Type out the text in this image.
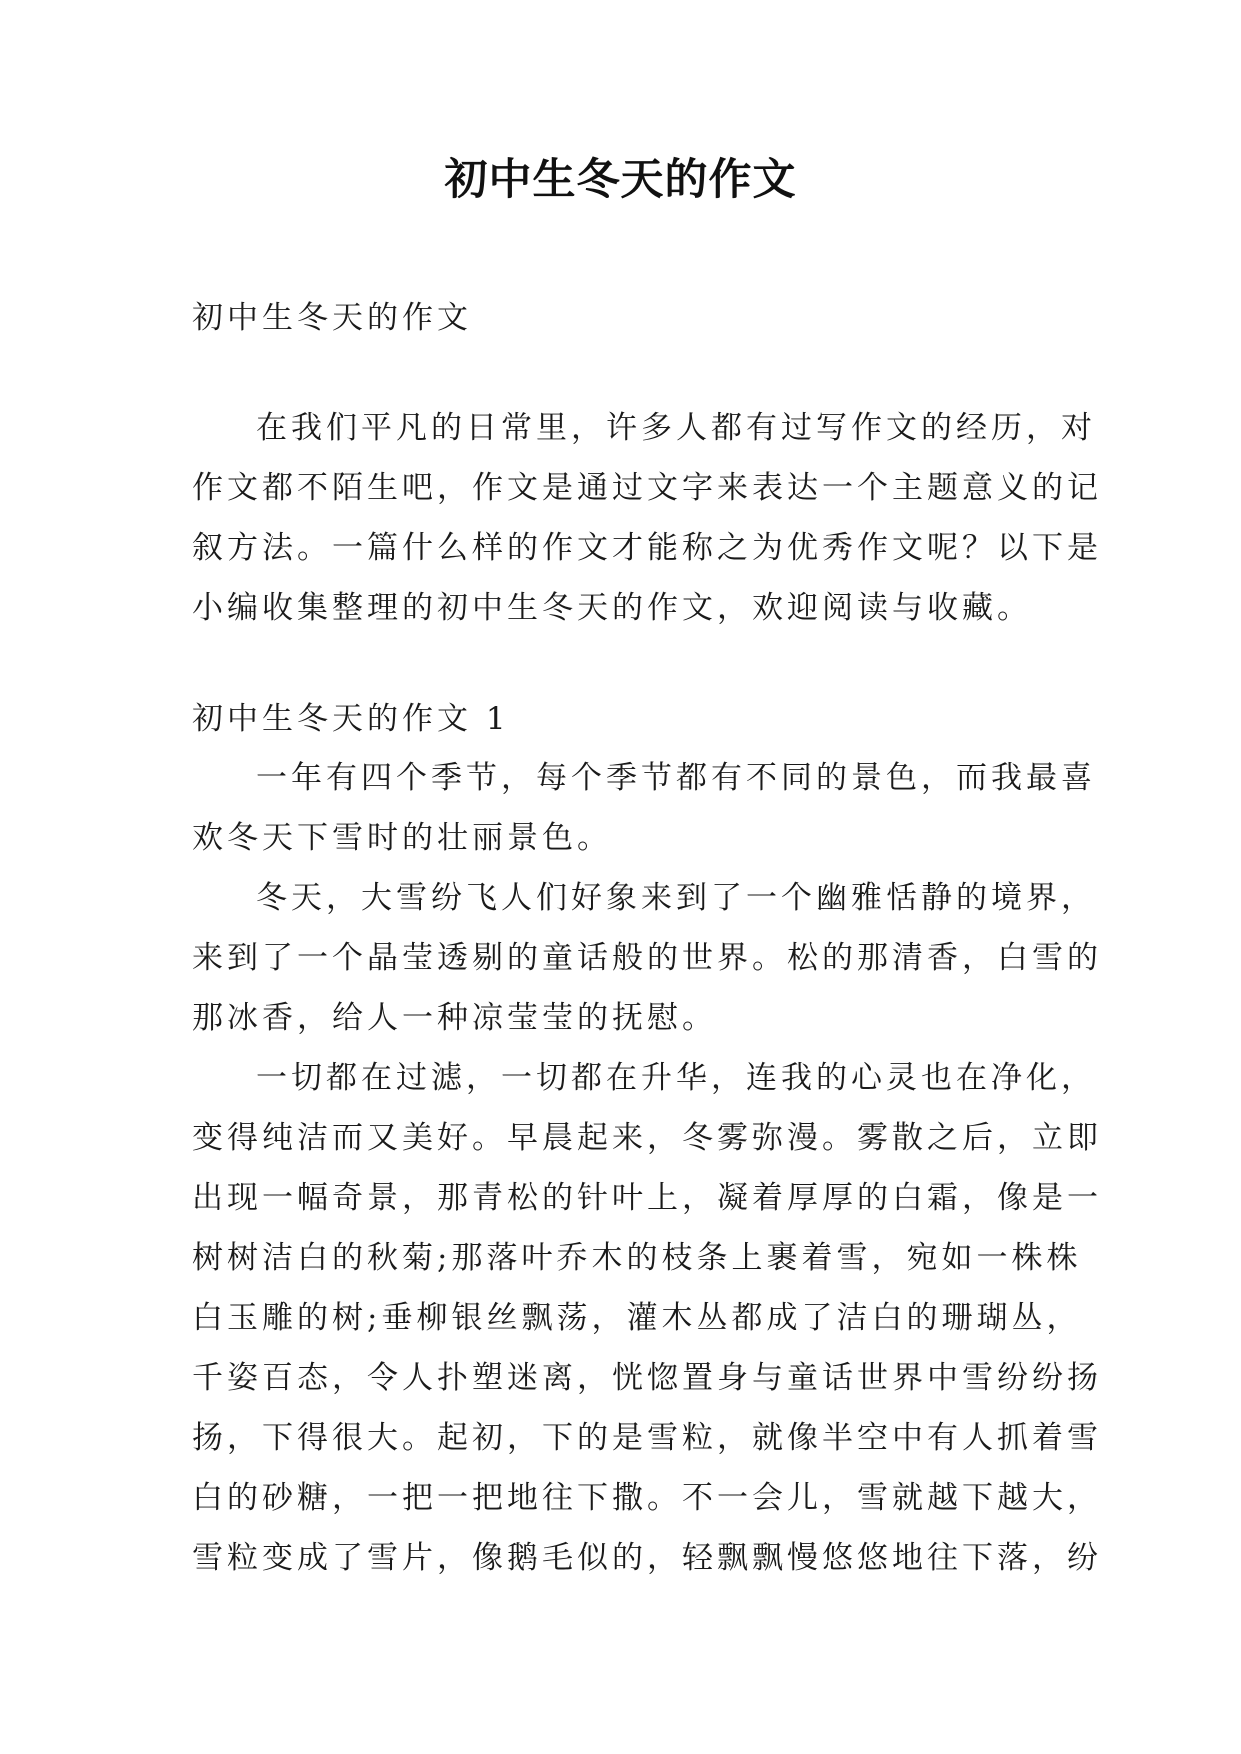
初中生冬天的作文
初中生冬天的作文
在我们平凡的日常里，许多人都有过写作文的经历，对
作文都不陌生吧，作文是通过文字来表达一个主题意义的记
叙方法。一篇什么样的作文才能称之为优秀作文呢？以下是
小编收集整理的初中生冬天的作文，欢迎阅读与收藏。
初中生冬天的作文 1
一年有四个季节，每个季节都有不同的景色，而我最喜
欢冬天下雪时的壮丽景色。
冬天，大雪纷飞人们好象来到了一个幽雅恬静的境界，
来到了一个晶莹透剔的童话般的世界。松的那清香，白雪的
那冰香，给人一种凉莹莹的抚慰。
一切都在过滤，一切都在升华，连我的心灵也在净化，
变得纯洁而又美好。早晨起来，冬雾弥漫。雾散之后，立即
出现一幅奇景，那青松的针叶上，凝着厚厚的白霜，像是一
树树洁白的秋菊;那落叶乔木的枝条上裹着雪，宛如一株株
白玉雕的树;垂柳银丝飘荡，灌木丛都成了洁白的珊瑚丛，
千姿百态，令人扑塑迷离，恍惚置身与童话世界中雪纷纷扬
扬，下得很大。起初，下的是雪粒，就像半空中有人抓着雪
白的砂糖，一把一把地往下撒。不一会儿，雪就越下越大，
雪粒变成了雪片，像鹅毛似的，轻飘飘慢悠悠地往下落，纷
